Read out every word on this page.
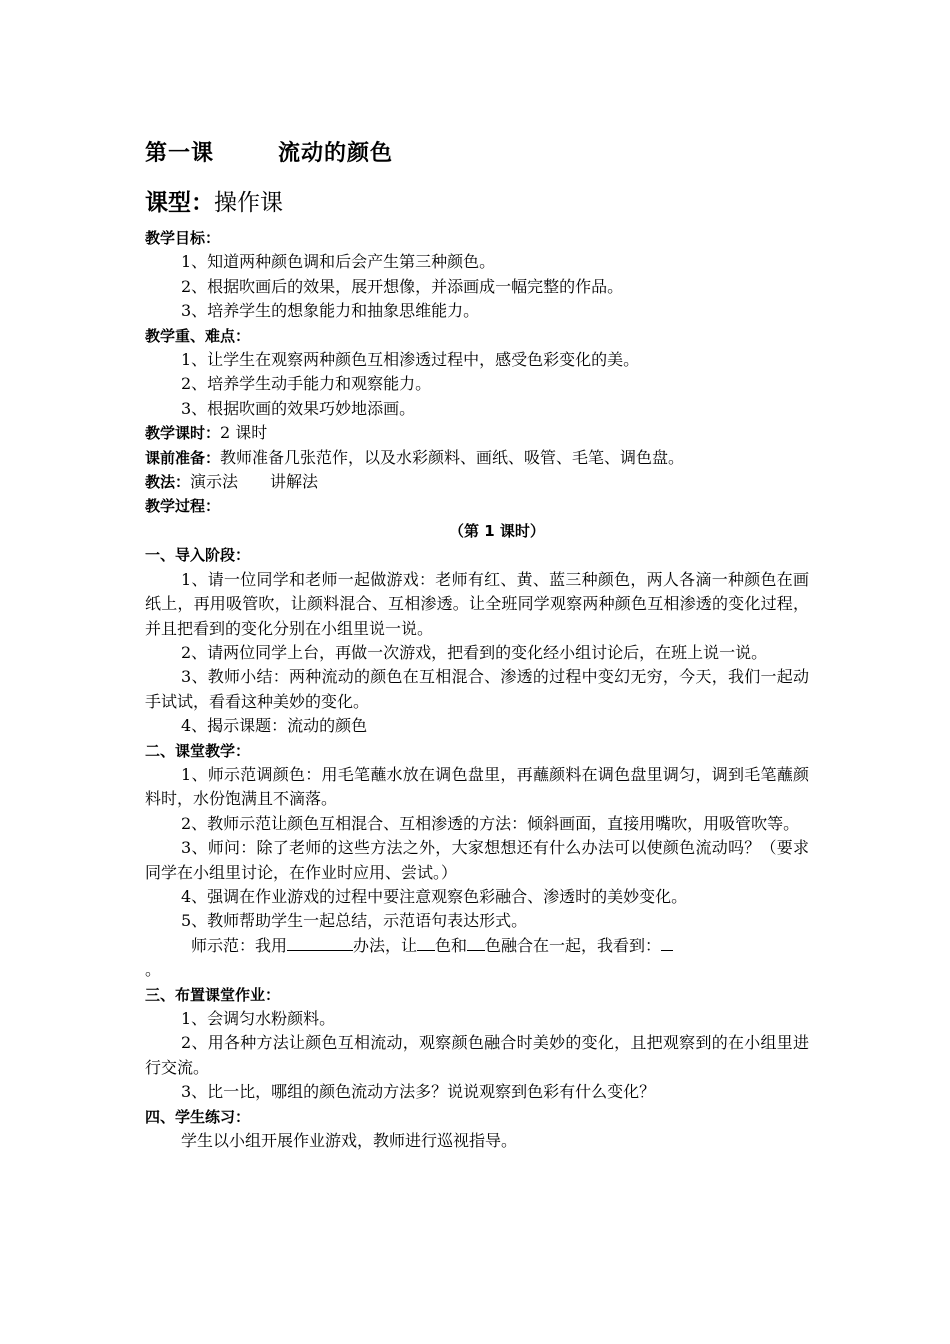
第一课	流动的颜色
课型：操作课
教学目标：
1、知道两种颜色调和后会产生第三种颜色。
2、根据吹画后的效果，展开想像，并添画成一幅完整的作品。
3、培养学生的想象能力和抽象思维能力。
教学重、难点：
1、让学生在观察两种颜色互相渗透过程中，感受色彩变化的美。
2、培养学生动手能力和观察能力。
3、根据吹画的效果巧妙地添画。
教学课时：2 课时
课前准备：教师准备几张范作，以及水彩颜料、画纸、吸管、毛笔、调色盘。
教法：演示法　　讲解法
教学过程：
（第 1 课时）
一、导入阶段：
1、请一位同学和老师一起做游戏：老师有红、黄、蓝三种颜色，两人各滴一种颜色在画纸上，再用吸管吹，让颜料混合、互相渗透。让全班同学观察两种颜色互相渗透的变化过程，并且把看到的变化分别在小组里说一说。
2、请两位同学上台，再做一次游戏，把看到的变化经小组讨论后，在班上说一说。
3、教师小结：两种流动的颜色在互相混合、渗透的过程中变幻无穷，今天，我们一起动手试试，看看这种美妙的变化。
4、揭示课题：流动的颜色
二、课堂教学：
1、师示范调颜色：用毛笔蘸水放在调色盘里，再蘸颜料在调色盘里调匀，调到毛笔蘸颜料时，水份饱满且不滴落。
2、教师示范让颜色互相混合、互相渗透的方法：倾斜画面，直接用嘴吹，用吸管吹等。
3、师问：除了老师的这些方法之外，大家想想还有什么办法可以使颜色流动吗？（要求同学在小组里讨论，在作业时应用、尝试。）
4、强调在作业游戏的过程中要注意观察色彩融合、渗透时的美妙变化。
5、教师帮助学生一起总结，示范语句表达形式。
师示范：我用	办法，让 色和 色融合在一起，我看到：
。
三、布置课堂作业：
1、会调匀水粉颜料。
2、用各种方法让颜色互相流动，观察颜色融合时美妙的变化，且把观察到的在小组里进行交流。
3、比一比，哪组的颜色流动方法多？说说观察到色彩有什么变化？
四、学生练习：
学生以小组开展作业游戏，教师进行巡视指导。
